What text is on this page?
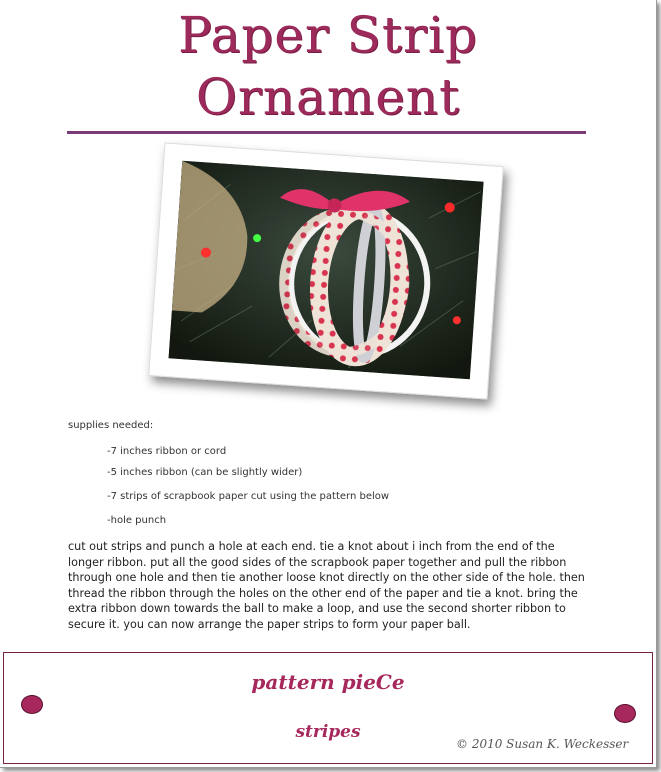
Paper Strip
Ornament
supplies needed:
-7 inches ribbon or cord
-5 inches ribbon (can be slightly wider)
-7 strips of scrapbook paper cut using the pattern below
-hole punch
cut out strips and punch a hole at each end. tie a knot about i inch from the end of the longer ribbon. put all the good sides of the scrapbook paper together and pull the ribbon through one hole and then tie another loose knot directly on the other side of the hole. then thread the ribbon through the holes on the other end of the paper and tie a knot. bring the extra ribbon down towards the ball to make a loop, and use the second shorter ribbon to secure it. you can now arrange the paper strips to form your paper ball.
pattern pieCe
stripes
© 2010 Susan K. Weckesser
